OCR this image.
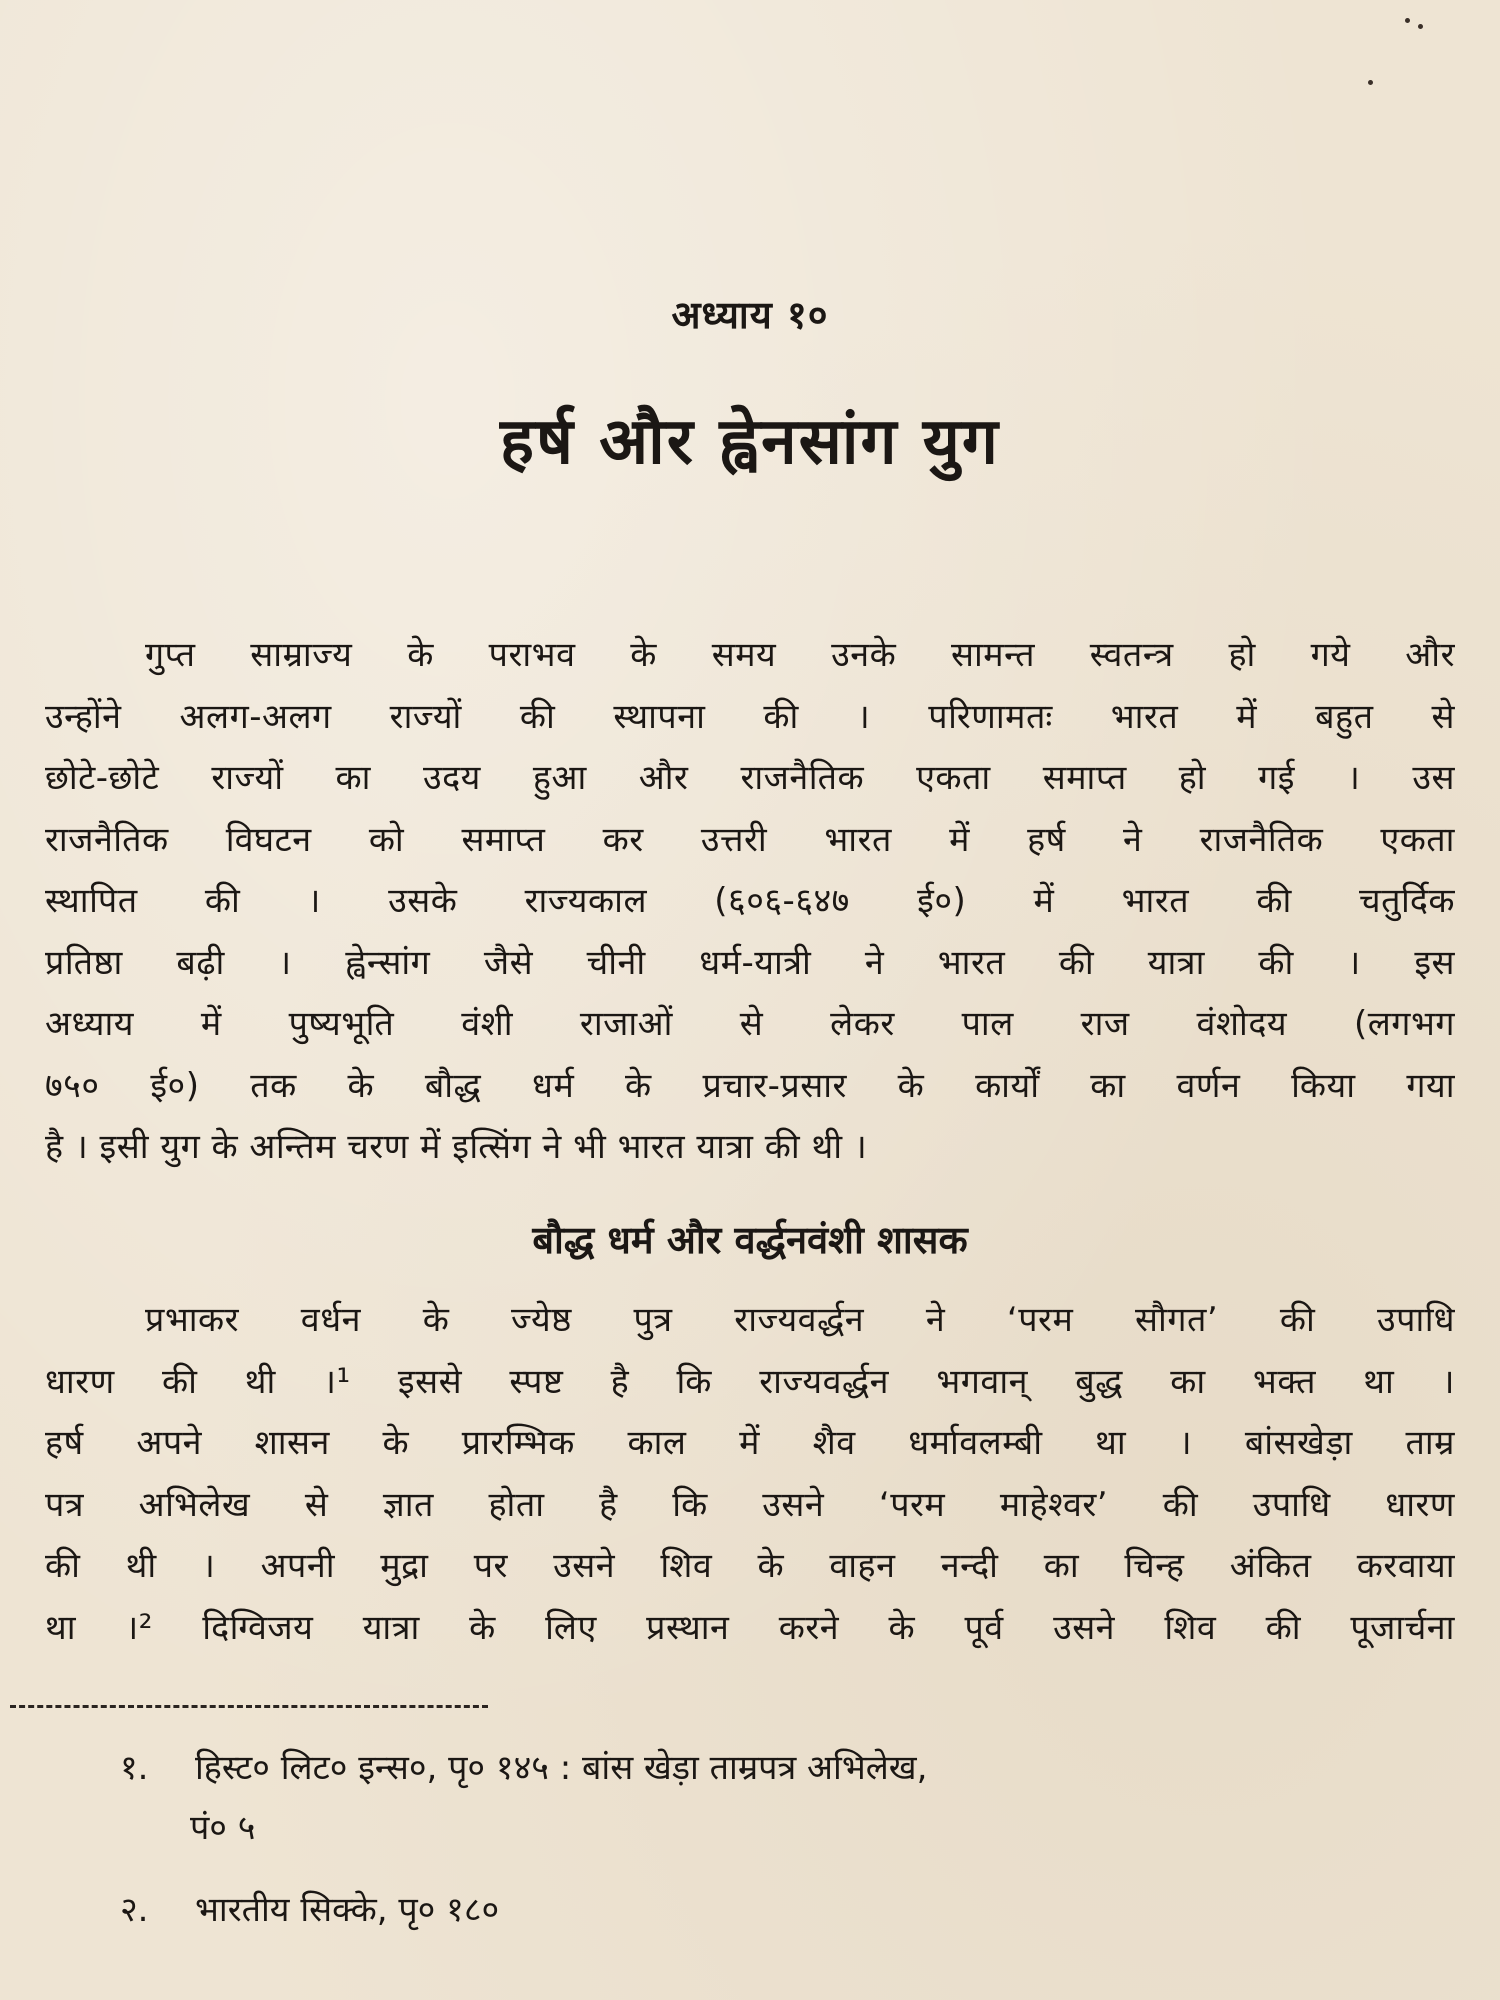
अध्याय १०
हर्ष और ह्वेनसांग युग
गुप्त साम्राज्य के पराभव के समय उनके सामन्त स्वतन्त्र हो गये और
उन्होंने अलग-अलग राज्यों की स्थापना की । परिणामतः भारत में बहुत से
छोटे-छोटे राज्यों का उदय हुआ और राजनैतिक एकता समाप्त हो गई । उस
राजनैतिक विघटन को समाप्त कर उत्तरी भारत में हर्ष ने राजनैतिक एकता
स्थापित की । उसके राज्यकाल (६०६-६४७ ई०) में भारत की चतुर्दिक
प्रतिष्ठा बढ़ी । ह्वेन्सांग जैसे चीनी धर्म-यात्री ने भारत की यात्रा की । इस
अध्याय में पुष्यभूति वंशी राजाओं से लेकर पाल राज वंशोदय (लगभग
७५० ई०) तक के बौद्ध धर्म के प्रचार-प्रसार के कार्यों का वर्णन किया गया
है । इसी युग के अन्तिम चरण में इत्सिंग ने भी भारत यात्रा की थी ।
बौद्ध धर्म और वर्द्धनवंशी शासक
प्रभाकर वर्धन के ज्येष्ठ पुत्र राज्यवर्द्धन ने ‘परम सौगत’ की उपाधि
धारण की थी ।¹ इससे स्पष्ट है कि राज्यवर्द्धन भगवान् बुद्ध का भक्त था ।
हर्ष अपने शासन के प्रारम्भिक काल में शैव धर्मावलम्बी था । बांसखेड़ा ताम्र
पत्र अभिलेख से ज्ञात होता है कि उसने ‘परम माहेश्वर’ की उपाधि धारण
की थी । अपनी मुद्रा पर उसने शिव के वाहन नन्दी का चिन्ह अंकित करवाया
था ।² दिग्विजय यात्रा के लिए प्रस्थान करने के पूर्व उसने शिव की पूजार्चना
१. हिस्ट० लिट० इन्स०, पृ० १४५ : बांस खेड़ा ताम्रपत्र अभिलेख,
पं० ५
२. भारतीय सिक्के, पृ० १८०
